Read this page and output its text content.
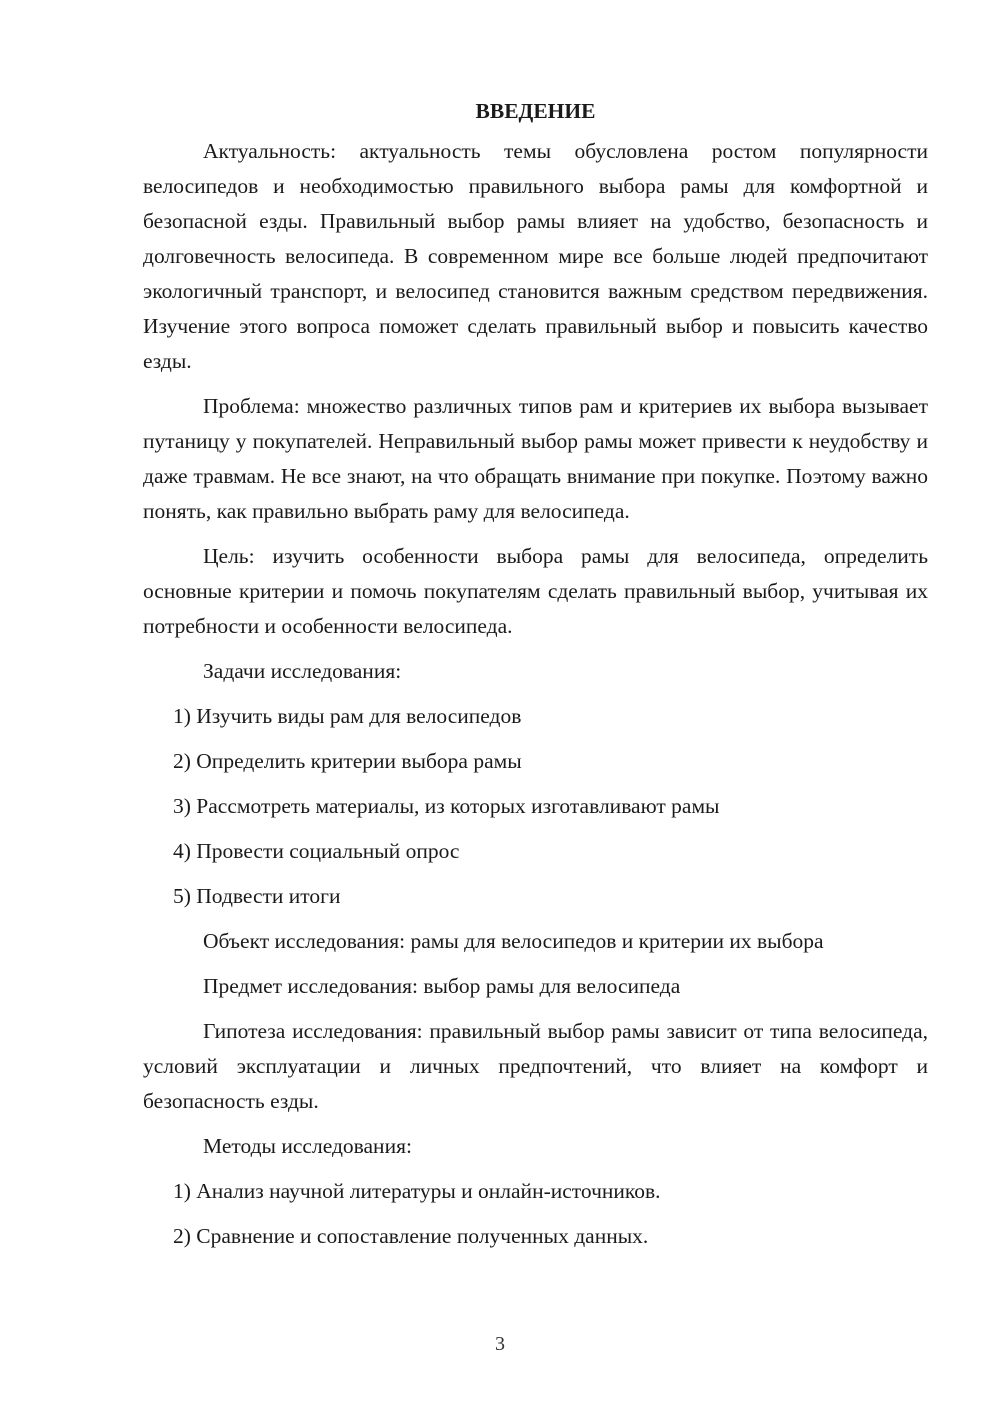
ВВЕДЕНИЕ

Актуальность: актуальность темы обусловлена ростом популярности велосипедов и необходимостью правильного выбора рамы для комфортной и безопасной езды. Правильный выбор рамы влияет на удобство, безопасность и долговечность велосипеда. В современном мире все больше людей предпочитают экологичный транспорт, и велосипед становится важным средством передвижения. Изучение этого вопроса поможет сделать правильный выбор и повысить качество езды.

Проблема: множество различных типов рам и критериев их выбора вызывает путаницу у покупателей. Неправильный выбор рамы может привести к неудобству и даже травмам. Не все знают, на что обращать внимание при покупке. Поэтому важно понять, как правильно выбрать раму для велосипеда.

Цель: изучить особенности выбора рамы для велосипеда, определить основные критерии и помочь покупателям сделать правильный выбор, учитывая их потребности и особенности велосипеда.

Задачи исследования:

1) Изучить виды рам для велосипедов
2) Определить критерии выбора рамы
3) Рассмотреть материалы, из которых изготавливают рамы
4) Провести социальный опрос
5) Подвести итоги

Объект исследования: рамы для велосипедов и критерии их выбора

Предмет исследования: выбор рамы для велосипеда

Гипотеза исследования: правильный выбор рамы зависит от типа велосипеда, условий эксплуатации и личных предпочтений, что влияет на комфорт и безопасность езды.

Методы исследования:

1) Анализ научной литературы и онлайн-источников.
2) Сравнение и сопоставление полученных данных.
3
